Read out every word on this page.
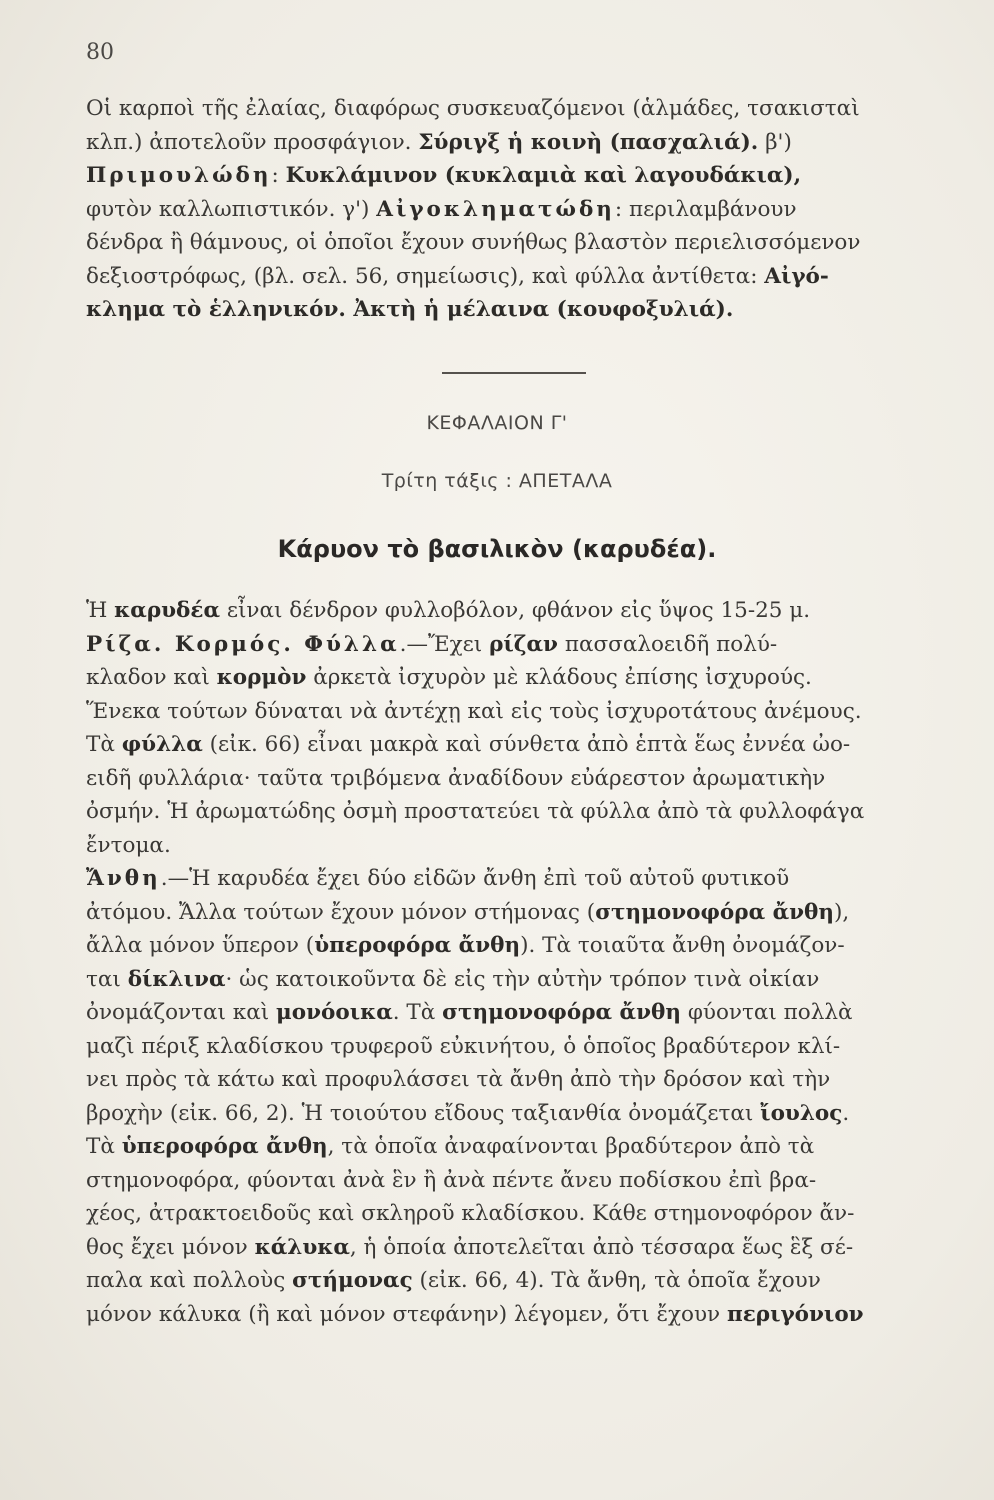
80
Οἱ καρποὶ τῆς ἐλαίας, διαφόρως συσκευαζόμενοι (ἁλμάδες, τσακισταὶ
κλπ.) ἀποτελοῦν προσφάγιον. Σύριγξ ἡ κοινὴ (πασχαλιά). β')
Πριμουλώδη: Κυκλάμινον (κυκλαμιὰ καὶ λαγουδάκια),
φυτὸν καλλωπιστικόν. γ') Αἰγοκληματώδη: περιλαμβάνουν
δένδρα ἢ θάμνους, οἱ ὁποῖοι ἔχουν συνήθως βλαστὸν περιελισσόμενον
δεξιοστρόφως, (βλ. σελ. 56, σημείωσις), καὶ φύλλα ἀντίθετα: Αἰγό-
κλημα τὸ ἑλληνικόν. Ἀκτὴ ἡ μέλαινα (κουφοξυλιά).
ΚΕΦΑΛΑΙΟΝ Γ'
Τρίτη τάξις : ΑΠΕΤΑΛΑ
Κάρυον τὸ βασιλικὸν (καρυδέα).
Ἡ καρυδέα εἶναι δένδρον φυλλοβόλον, φθάνον εἰς ὕψος 15-25 μ.
Ρίζα. Κορμός. Φύλλα.—Ἔχει ρίζαν πασσαλοειδῆ πολύ-
κλαδον καὶ κορμὸν ἀρκετὰ ἰσχυρὸν μὲ κλάδους ἐπίσης ἰσχυρούς.
Ἕνεκα τούτων δύναται νὰ ἀντέχῃ καὶ εἰς τοὺς ἰσχυροτάτους ἀνέμους.
Τὰ φύλλα (εἰκ. 66) εἶναι μακρὰ καὶ σύνθετα ἀπὸ ἑπτὰ ἕως ἐννέα ὠο-
ειδῆ φυλλάρια· ταῦτα τριβόμενα ἀναδίδουν εὐάρεστον ἀρωματικὴν
ὀσμήν. Ἡ ἀρωματώδης ὀσμὴ προστατεύει τὰ φύλλα ἀπὸ τὰ φυλλοφάγα
ἔντομα.
Ἄνθη.—Ἡ καρυδέα ἔχει δύο εἰδῶν ἄνθη ἐπὶ τοῦ αὐτοῦ φυτικοῦ
ἀτόμου. Ἄλλα τούτων ἔχουν μόνον στήμονας (στημονοφόρα ἄνθη),
ἄλλα μόνον ὕπερον (ὑπεροφόρα ἄνθη). Τὰ τοιαῦτα ἄνθη ὀνομάζον-
ται δίκλινα· ὡς κατοικοῦντα δὲ εἰς τὴν αὐτὴν τρόπον τινὰ οἰκίαν
ὀνομάζονται καὶ μονόοικα. Τὰ στημονοφόρα ἄνθη φύονται πολλὰ
μαζὶ πέριξ κλαδίσκου τρυφεροῦ εὐκινήτου, ὁ ὁποῖος βραδύτερον κλί-
νει πρὸς τὰ κάτω καὶ προφυλάσσει τὰ ἄνθη ἀπὸ τὴν δρόσον καὶ τὴν
βροχὴν (εἰκ. 66, 2). Ἡ τοιούτου εἴδους ταξιανθία ὀνομάζεται ἴουλος.
Τὰ ὑπεροφόρα ἄνθη, τὰ ὁποῖα ἀναφαίνονται βραδύτερον ἀπὸ τὰ
στημονοφόρα, φύονται ἀνὰ ἓν ἢ ἀνὰ πέντε ἄνευ ποδίσκου ἐπὶ βρα-
χέος, ἀτρακτοειδοῦς καὶ σκληροῦ κλαδίσκου. Κάθε στημονοφόρον ἄν-
θος ἔχει μόνον κάλυκα, ἡ ὁποία ἀποτελεῖται ἀπὸ τέσσαρα ἕως ἓξ σέ-
παλα καὶ πολλοὺς στήμονας (εἰκ. 66, 4). Τὰ ἄνθη, τὰ ὁποῖα ἔχουν
μόνον κάλυκα (ἢ καὶ μόνον στεφάνην) λέγομεν, ὅτι ἔχουν περιγόνιον
